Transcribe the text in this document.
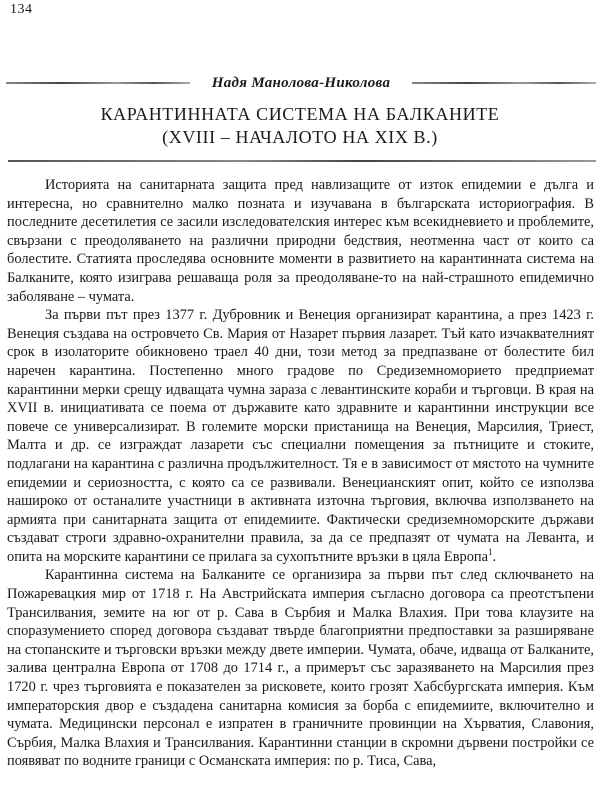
134
Надя Манолова-Николова
КАРАНТИННАТА СИСТЕМА НА БАЛКАНИТЕ
(XVIII – НАЧАЛОТО НА XIX В.)

Историята на санитарната защита пред навлизащите от изток епидемии е дълга и интересна, но сравнително малко позната и изучавана в българската историография. В последните десетилетия се засили изследователския интерес към всекидневието и проблемите, свързани с преодоляването на различни природни бедствия, неотменна част от които са болестите. Статията проследява основните моменти в развитието на карантинната система на Балканите, която изиграва решаваща роля за преодоляване-то на най-страшното епидемично заболяване – чумата.

За първи път през 1377 г. Дубровник и Венеция организират карантина, а през 1423 г. Венеция създава на островчето Св. Мария от Назарет първия лазарет. Тъй като изчаквателният срок в изолаторите обикновено траел 40 дни, този метод за предпазване от болестите бил наречен карантина. Постепенно много градове по Средиземноморието предприемат карантинни мерки срещу идващата чумна зараза с левантинските кораби и търговци. В края на XVII в. инициативата се поема от държавите като здравните и карантинни инструкции все повече се универсализират. В големите морски пристанища на Венеция, Марсилия, Триест, Малта и др. се изграждат лазарети със специални помещения за пътниците и стоките, подлагани на карантина с различна продължителност. Тя е в зависимост от мястото на чумните епидемии и сериозността, с която са се развивали. Венецианският опит, който се използва нашироко от останалите участници в активната източна търговия, включва използването на армията при санитарната защита от епидемиите. Фактически средиземноморските държави създават строги здравно-охранителни правила, за да се предпазят от чумата на Леванта, и опита на морските карантини се прилага за сухопътните връзки в цяла Европа$^1$.

Карантинна система на Балканите се организира за първи път след сключването на Пожаревацкия мир от 1718 г. На Австрийската империя съгласно договора са преотстъпени Трансилвания, земите на юг от р. Сава в Сърбия и Малка Влахия. При това клаузите на споразумението според договора създават твърде благоприятни предпоставки за разширяване на стопанските и търговски връзки между двете империи. Чумата, обаче, идваща от Балканите, залива централна Европа от 1708 до 1714 г., а примерът със заразяването на Марсилия през 1720 г. чрез търговията е показателен за рисковете, които грозят Хабсбургската империя. Към императорския двор е създадена санитарна комисия за борба с епидемиите, включително и чумата. Медицински персонал е изпратен в граничните провинции на Хърватия, Славония, Сърбия, Малка Влахия и Трансилвания. Карантинни станции в скромни дървени постройки се появяват по водните граници с Османската империя: по р. Тиса, Сава,
